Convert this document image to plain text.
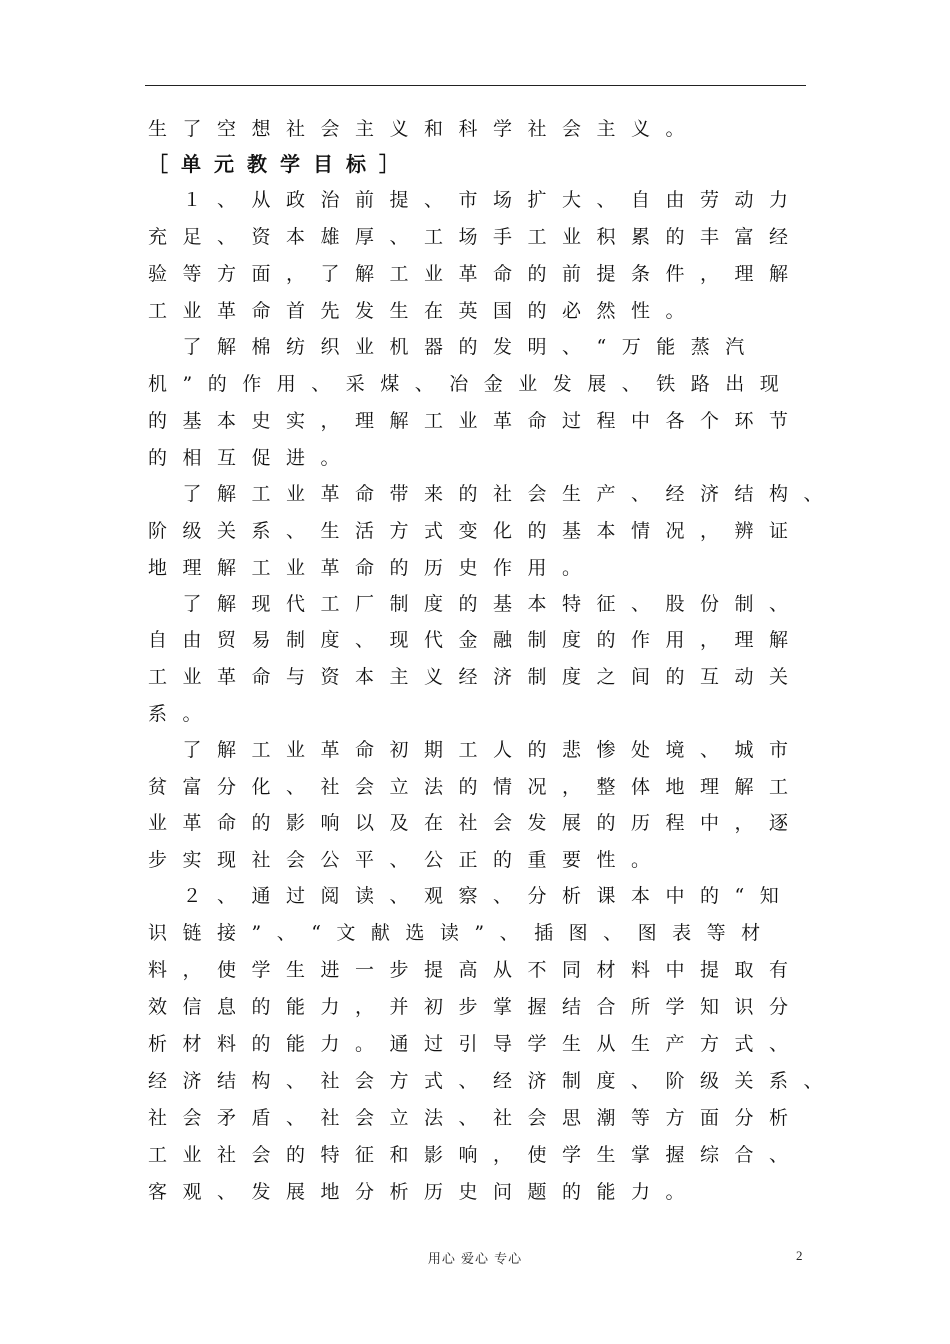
生了空想社会主义和科学社会主义。
［单元教学目标］
　１、从政治前提、市场扩大、自由劳动力
充足、资本雄厚、工场手工业积累的丰富经
验等方面，了解工业革命的前提条件，理解
工业革命首先发生在英国的必然性。
　了解棉纺织业机器的发明、“万能蒸汽
机”的作用、采煤、冶金业发展、铁路出现
的基本史实，理解工业革命过程中各个环节
的相互促进。
　了解工业革命带来的社会生产、经济结构、
阶级关系、生活方式变化的基本情况，辨证
地理解工业革命的历史作用。
　了解现代工厂制度的基本特征、股份制、
自由贸易制度、现代金融制度的作用，理解
工业革命与资本主义经济制度之间的互动关
系。
　了解工业革命初期工人的悲惨处境、城市
贫富分化、社会立法的情况，整体地理解工
业革命的影响以及在社会发展的历程中，逐
步实现社会公平、公正的重要性。
　２、通过阅读、观察、分析课本中的“知
识链接”、“文献选读”、插图、图表等材
料，使学生进一步提高从不同材料中提取有
效信息的能力，并初步掌握结合所学知识分
析材料的能力。通过引导学生从生产方式、
经济结构、社会方式、经济制度、阶级关系、
社会矛盾、社会立法、社会思潮等方面分析
工业社会的特征和影响，使学生掌握综合、
客观、发展地分析历史问题的能力。
用心 爱心 专心	2
